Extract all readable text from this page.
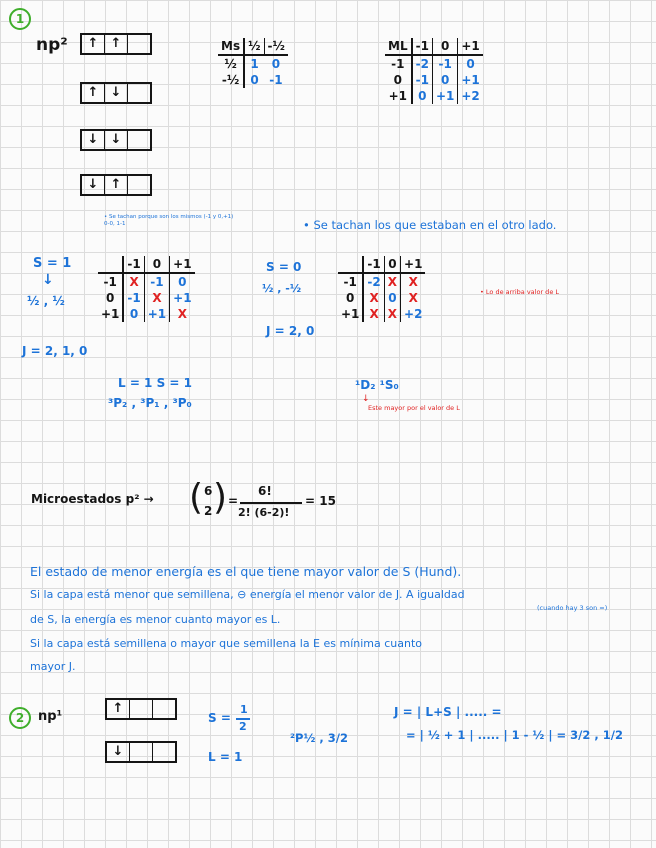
1
np²	↑ ↑
↑ ↓
↓ ↓
↓ ↑
Ms	½	-½
½	1	0
-½	0	-1
ML	-1	0	+1
-1	-2	-1	0
0	-1	0	+1
+1	0	+1	+2
• Se tachan porque son los mismos (-1 y 0,+1) 0-0, 1-1	• Se tachan los que estaban en el otro lado.
S = 1
↓
½ , ½
J = 2, 1, 0
	-1	0	+1
-1	X	-1	0
0	-1	X	+1
+1	0	+1	X
S = 0
½ , -½
J = 2, 0
	-1	0	+1
-1	-2	X	X
0	X	0	X
+1	X	X	+2
• Lo de arriba valor de L
L = 1 S = 1
³P₂ , ³P₁ , ³P₀
¹D₂ ¹S₀
↓
Este mayor por el valor de L
Microestados p² → ( 6
2 ) =
6!
2! (6-2)!
= 15
El estado de menor energía es el que tiene mayor valor de S (Hund).
Si la capa está menor que semillena, ⊖ energía el menor valor de J. A igualdad
(cuando hay 3 son =)
de S, la energía es menor cuanto mayor es L.
Si la capa está semillena o mayor que semillena la E es mínima cuanto
mayor J.
2	np¹
↑
↓
S =
1
2
L = 1
²P½ , 3/2
J = | L+S | ..... =
= | ½ + 1 | ..... | 1 - ½ | = 3/2 , 1/2
